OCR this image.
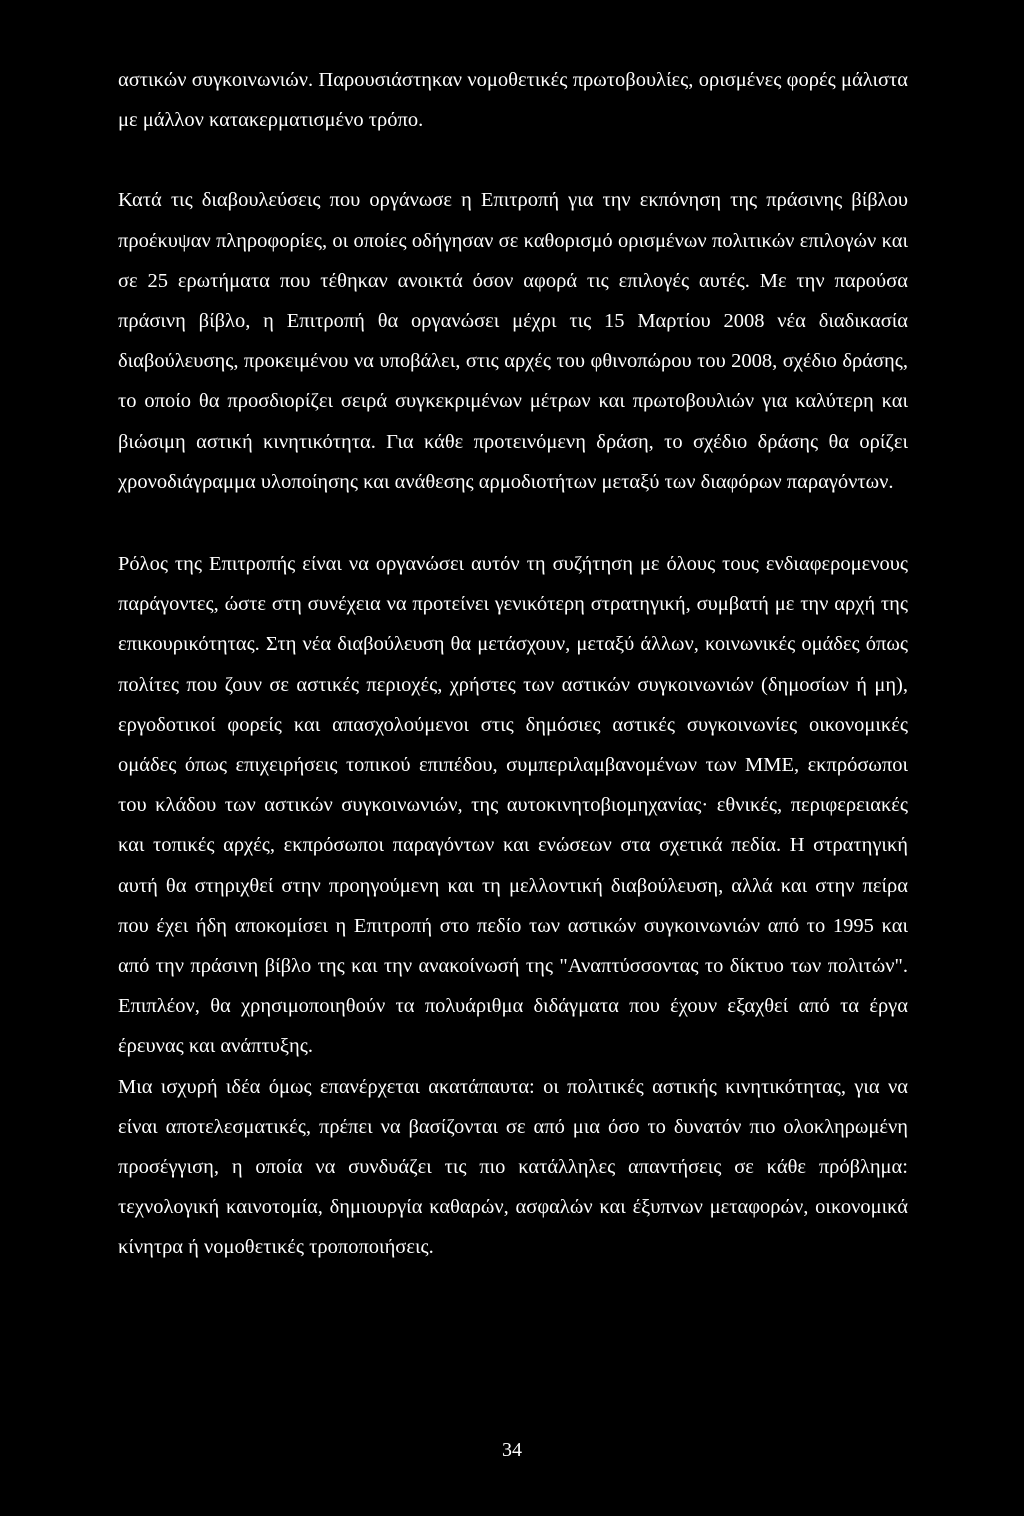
αστικών συγκοινωνιών. Παρουσιάστηκαν νομοθετικές πρωτοβουλίες, ορισμένες φορές μάλιστα με μάλλον κατακερματισμένο τρόπο.

Κατά τις διαβουλεύσεις που οργάνωσε η Επιτροπή για την εκπόνηση της πράσινης βίβλου προέκυψαν πληροφορίες, οι οποίες οδήγησαν σε καθορισμό ορισμένων πολιτικών επιλογών και σε 25 ερωτήματα που τέθηκαν ανοικτά όσον αφορά τις επιλογές αυτές. Με την παρούσα πράσινη βίβλο, η Επιτροπή θα οργανώσει μέχρι τις 15 Μαρτίου 2008 νέα διαδικασία διαβούλευσης, προκειμένου να υποβάλει, στις αρχές του φθινοπώρου του 2008, σχέδιο δράσης, το οποίο θα προσδιορίζει σειρά συγκεκριμένων μέτρων και πρωτοβουλιών για καλύτερη και βιώσιμη αστική κινητικότητα. Για κάθε προτεινόμενη δράση, το σχέδιο δράσης θα ορίζει χρονοδιάγραμμα υλοποίησης και ανάθεσης αρμοδιοτήτων μεταξύ των διαφόρων παραγόντων.

Ρόλος της Επιτροπής είναι να οργανώσει αυτόν τη συζήτηση με όλους τους ενδιαφερομενους παράγοντες, ώστε στη συνέχεια να προτείνει γενικότερη στρατηγική, συμβατή με την αρχή της επικουρικότητας. Στη νέα διαβούλευση θα μετάσχουν, μεταξύ άλλων, κοινωνικές ομάδες όπως πολίτες που ζουν σε αστικές περιοχές, χρήστες των αστικών συγκοινωνιών (δημοσίων ή μη), εργοδοτικοί φορείς και απασχολούμενοι στις δημόσιες αστικές συγκοινωνίες οικονομικές ομάδες όπως επιχειρήσεις τοπικού επιπέδου, συμπεριλαμβανομένων των ΜΜΕ, εκπρόσωποι του κλάδου των αστικών συγκοινωνιών, της αυτοκινητοβιομηχανίας· εθνικές, περιφερειακές και τοπικές αρχές, εκπρόσωποι παραγόντων και ενώσεων στα σχετικά πεδία. Η στρατηγική αυτή θα στηριχθεί στην προηγούμενη και τη μελλοντική διαβούλευση, αλλά και στην πείρα που έχει ήδη αποκομίσει η Επιτροπή στο πεδίο των αστικών συγκοινωνιών από το 1995 και από την πράσινη βίβλο της και την ανακοίνωσή της "Αναπτύσσοντας το δίκτυο των πολιτών". Επιπλέον, θα χρησιμοποιηθούν τα πολυάριθμα διδάγματα που έχουν εξαχθεί από τα έργα έρευνας και ανάπτυξης.

Μια ισχυρή ιδέα όμως επανέρχεται ακατάπαυτα: οι πολιτικές αστικής κινητικότητας, για να είναι αποτελεσματικές, πρέπει να βασίζονται σε από μια όσο το δυνατόν πιο ολοκληρωμένη προσέγγιση, η οποία να συνδυάζει τις πιο κατάλληλες απαντήσεις σε κάθε πρόβλημα: τεχνολογική καινοτομία, δημιουργία καθαρών, ασφαλών και έξυπνων μεταφορών, οικονομικά κίνητρα ή νομοθετικές τροποποιήσεις.

34
